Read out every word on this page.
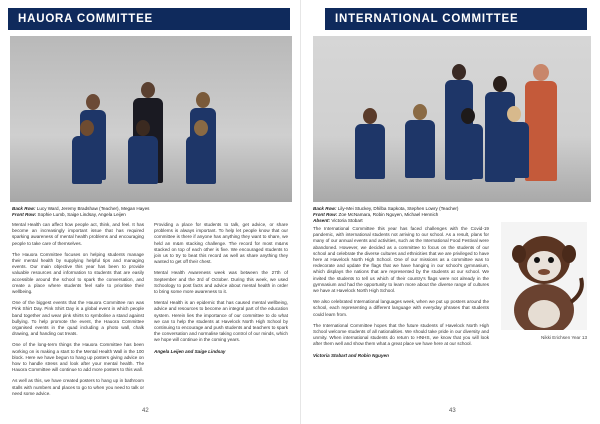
HAUORA COMMITTEE
Back Row: Lucy Ward, Jeremy Bradshaw (Teacher), Megan Hayes
Front Row: Sophie Lumb, Saige Lindsay, Angela Leijen

Mental Health can affect how people act, think, and feel. It has become an increasingly important issue that has required sparking awareness of mental health problems and encouraging people to take care of themselves.

The Hauora Committee focuses on helping students manage their mental health by supplying helpful tips and managing events. Our main objective this year has been to provide valuable resources and information to students that are easily accessible around the school to spark the conversation, and create a place where students feel safe to prioritise their wellbeing.

One of the biggest events that the Hauora Committee ran was Pink Shirt Day. Pink Shirt Day is a global event in which people band together and wear pink shirts to symbolise a stand against bullying. To help promote the event, the Hauora Committee organised events in the quad including a photo wall, chalk drawing, and handing out treats.

One of the long-term things the Hauora Committee has been working on is making a start to the Mental Health Wall in the 100 block. Here we have begun to hang up posters giving advice on how to handle stress and look after your mental health. The Hauora Committee will continue to add more posters to this wall.

As well as this, we have created posters to hang up in bathroom stalls with numbers and places to go to when you need to talk or need some advice.

Providing a place for students to talk, get advice, or share problems is always important. To help let people know that our committee is there if anyone has anything they want to share, we held an m&m stacking challenge. The record for most m&ms stacked on top of each other is five. We encouraged students to join us to try to beat this record as well as share anything they wanted to get off their chest.

Mental Health Awareness week was between the 27th of September and the 3rd of October. During this week, we used Schoology to post facts and advice about mental health in order to bring some more awareness to it.

Mental Health is an epidemic that has caused mental wellbeing, advice and resources to become an integral part of the education system. Herein lies the importance of our committee to do what we can to help the students at Havelock North High School by continuing to encourage and push students and teachers to spark the conversation and normalise taking control of our minds, which we hope will continue in the coming years.

Angela Leijen and Saige Lindsay

42
INTERNATIONAL COMMITTEE
Back Row: Lily-Mei Stuckey, Dhilba Sapkota, Stephen Lowry (Teacher)
Front Row: Zoe McNamara, Robin Nguyen, Michael Hennich
Absent: Victoria Stobart

The International Committee this year has faced challenges with the Covid-19 pandemic, with international students not arriving to our school. As a result, plans for many of our annual events and activities, such as the International Food Festival were abandoned. However, we decided as a committee to focus on the students of our school and celebrate the diverse cultures and ethnicities that we are privileged to have here at Havelock North High School. One of our missions as a committee was to redecorate and update the flags that we have hanging in our school's gymnasium, which displays the nations that are represented by the students at our school. We invited the students to tell us which of their country's flags were not already in the gymnasium and had the opportunity to learn more about the diverse range of cultures we have at Havelock North High School.

We also celebrated International languages week, when we put up posters around the school, each representing a different language with everyday phrases that students could learn from.

The International Committee hopes that the future students of Havelock North High School welcome students of all nationalities. We should take pride in our diversity and unmity. When international students do return to HNHS, we know that you will look after them well and show them what a great place we have here at our school.

Victoria Stobart and Robin Nguyen

Nikki Erichsen Year 13
43
